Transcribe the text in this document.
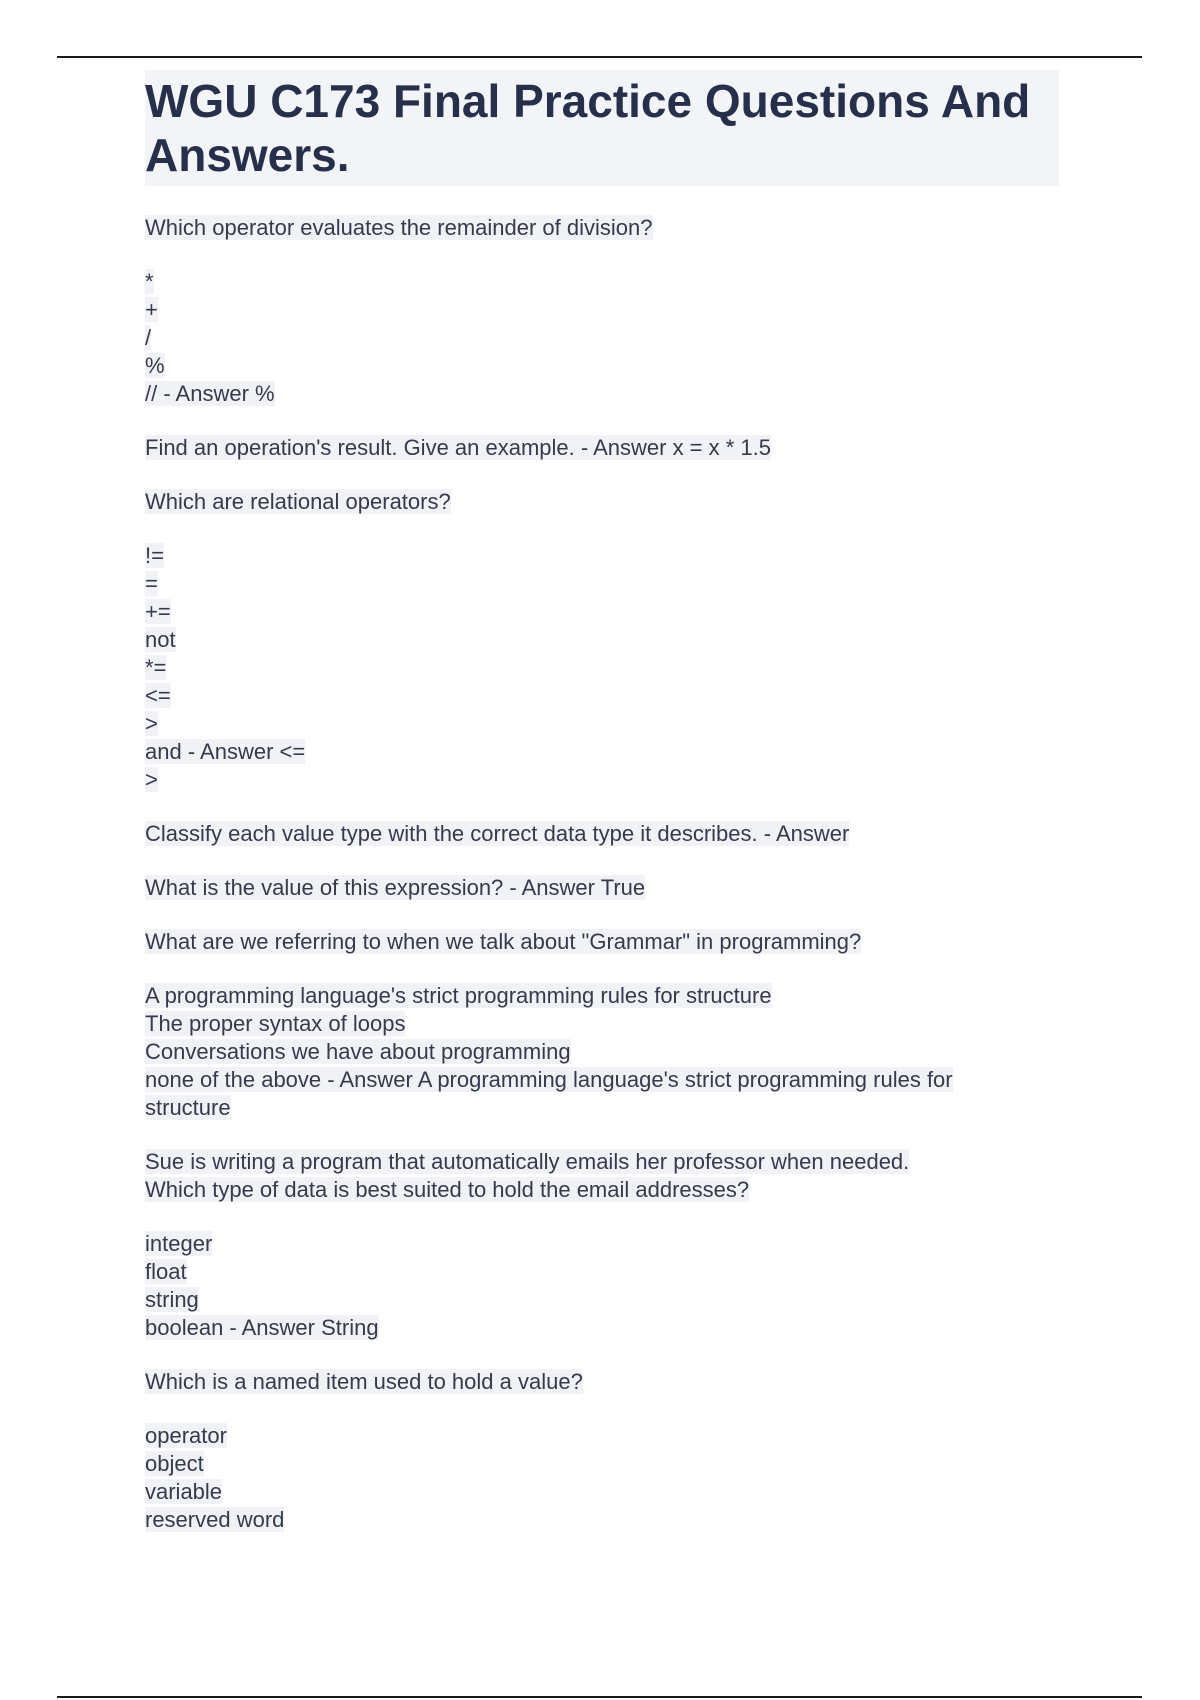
WGU C173 Final Practice Questions And Answers.
Which operator evaluates the remainder of division?
*
+
/
%
// - Answer %
Find an operation's result. Give an example. - Answer x = x * 1.5
Which are relational operators?
!=
=
+=
not
*=
<=
>
and - Answer <=
>
Classify each value type with the correct data type it describes. - Answer
What is the value of this expression? - Answer True
What are we referring to when we talk about "Grammar" in programming?
A programming language's strict programming rules for structure
The proper syntax of loops
Conversations we have about programming
none of the above - Answer A programming language's strict programming rules for
structure
Sue is writing a program that automatically emails her professor when needed.
Which type of data is best suited to hold the email addresses?
integer
float
string
boolean - Answer String
Which is a named item used to hold a value?
operator
object
variable
reserved word
